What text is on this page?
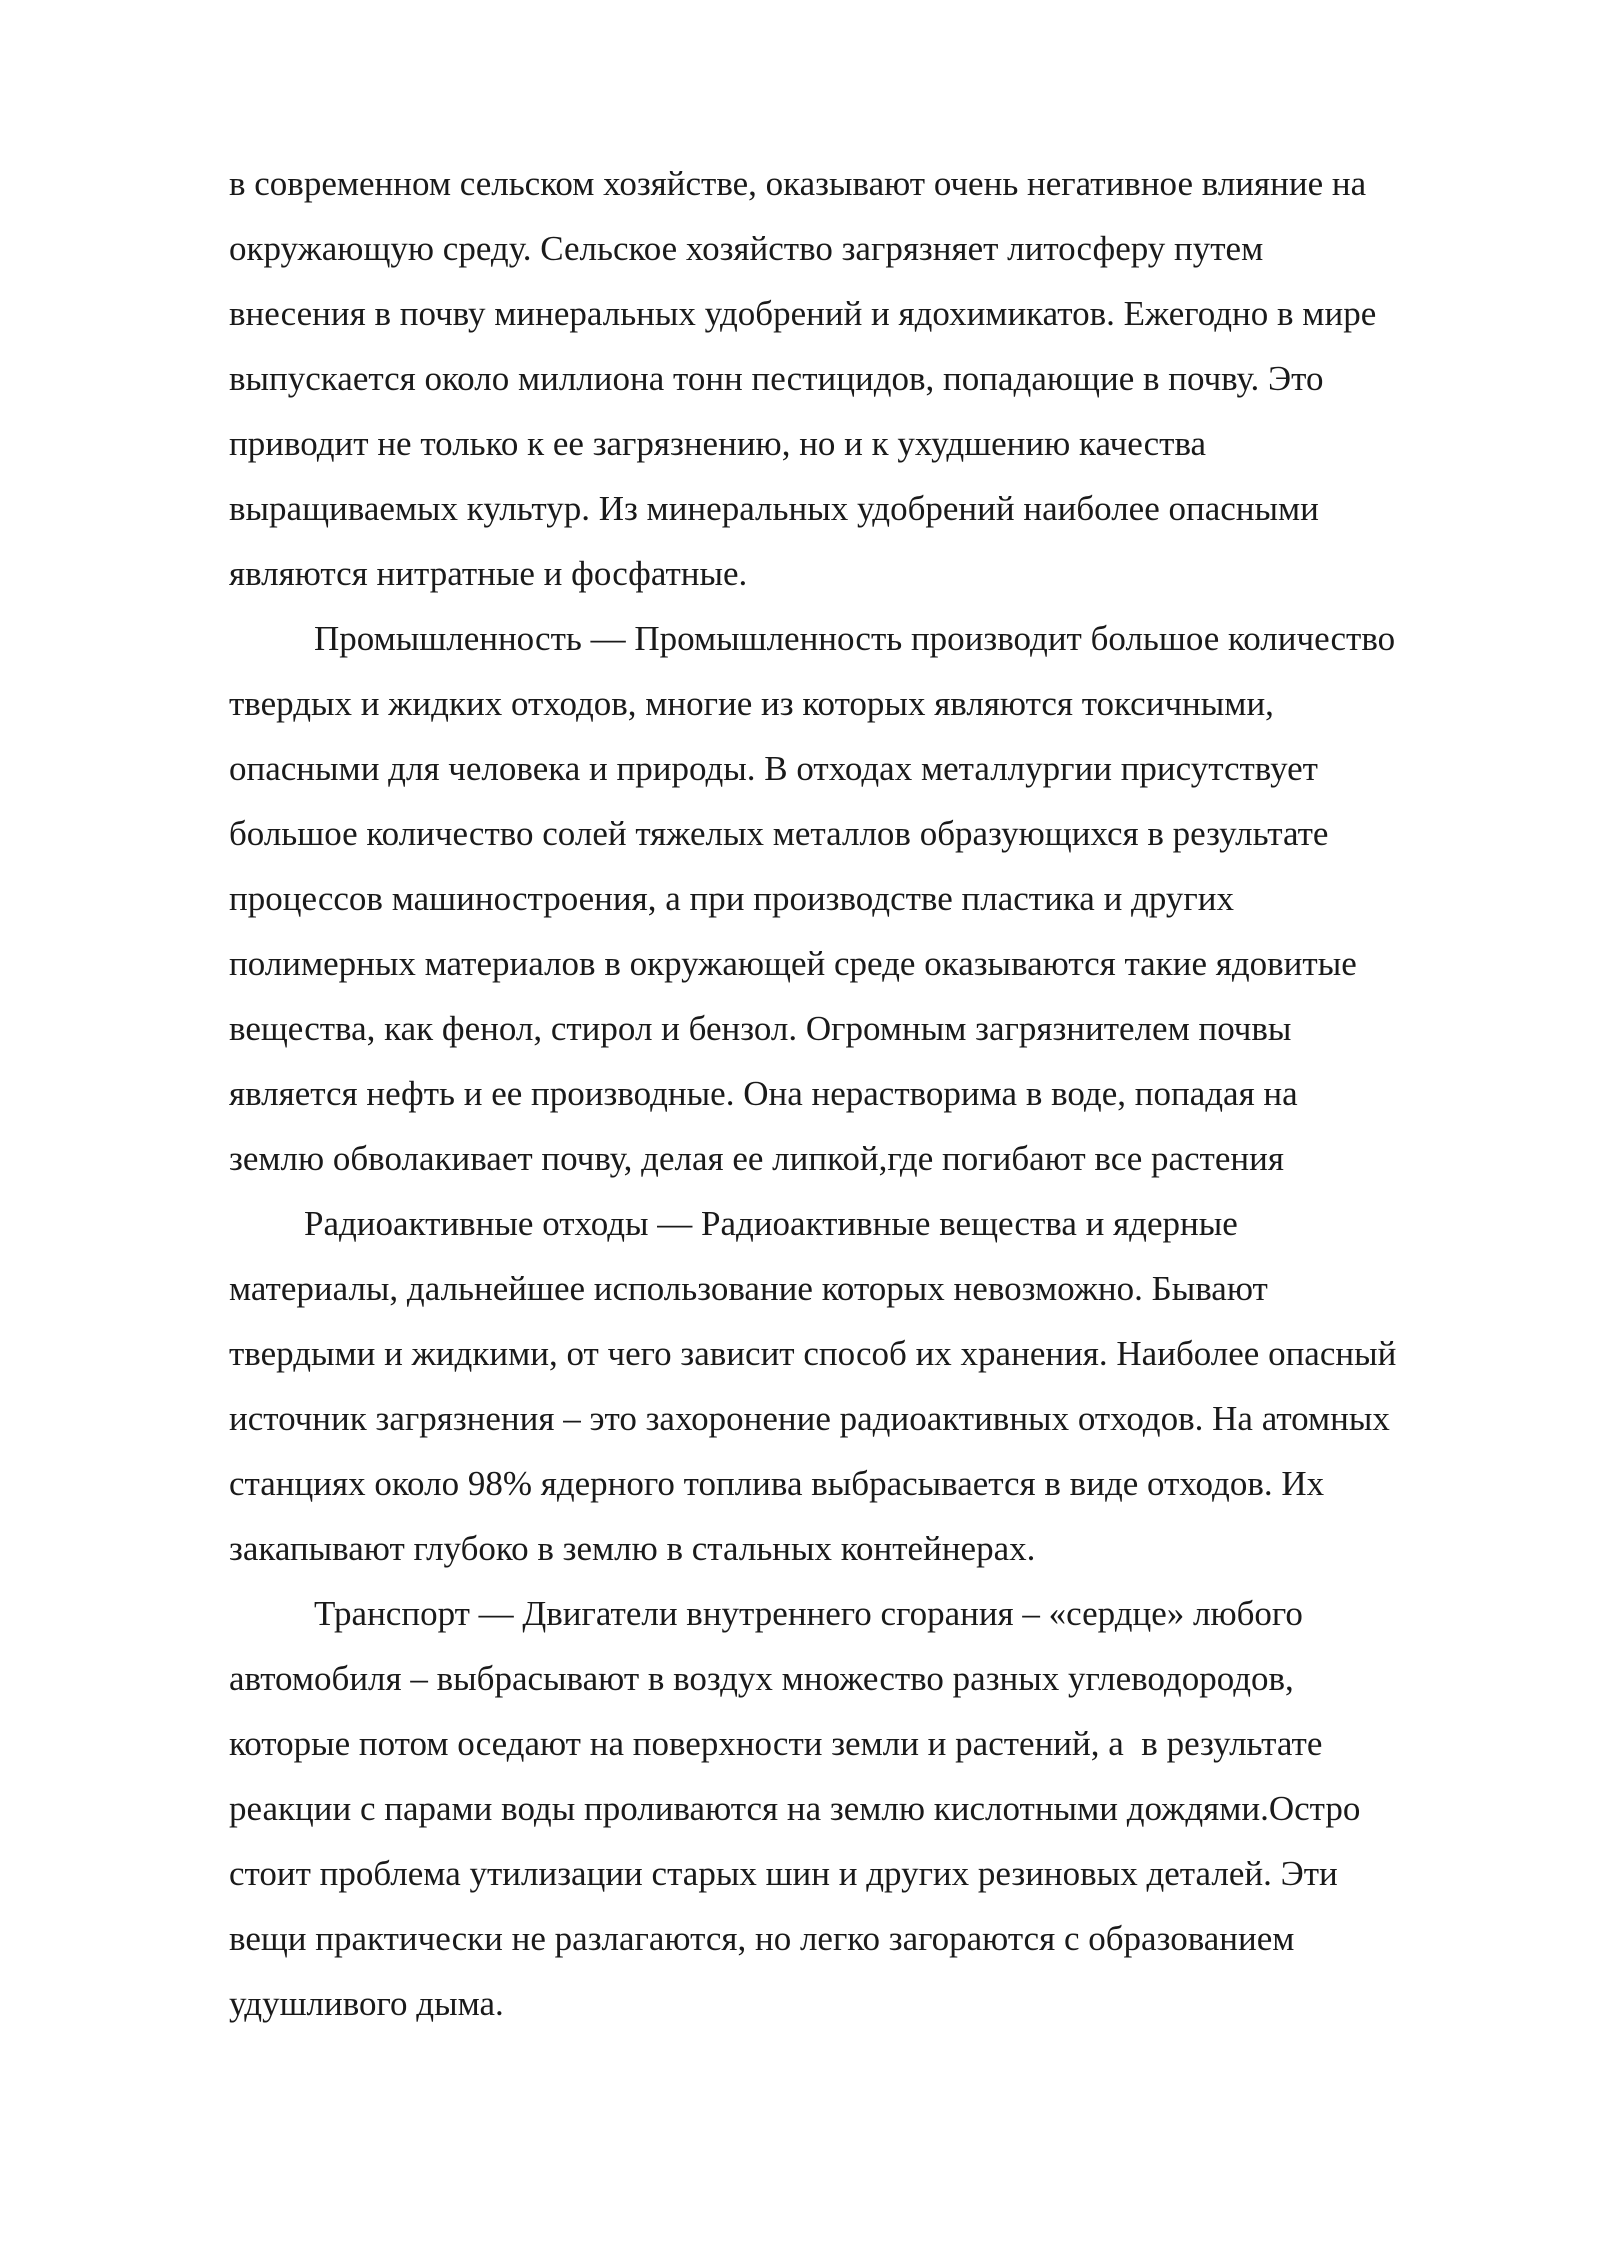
в современном сельском хозяйстве, оказывают очень негативное влияние на
окружающую среду. Сельское хозяйство загрязняет литосферу путем
внесения в почву минеральных удобрений и ядохимикатов. Ежегодно в мире
выпускается около миллиона тонн пестицидов, попадающие в почву. Это
приводит не только к ее загрязнению, но и к ухудшению качества
выращиваемых культур. Из минеральных удобрений наиболее опасными
являются нитратные и фосфатные.
Промышленность — Промышленность производит большое количество
твердых и жидких отходов, многие из которых являются токсичными,
опасными для человека и природы. В отходах металлургии присутствует
большое количество солей тяжелых металлов образующихся в результате
процессов машиностроения, а при производстве пластика и других
полимерных материалов в окружающей среде оказываются такие ядовитые
вещества, как фенол, стирол и бензол. Огромным загрязнителем почвы
является нефть и ее производные. Она нерастворима в воде, попадая на
землю обволакивает почву, делая ее липкой,где погибают все растения
Радиоактивные отходы — Радиоактивные вещества и ядерные
материалы, дальнейшее использование которых невозможно. Бывают
твердыми и жидкими, от чего зависит способ их хранения. Наиболее опасный
источник загрязнения – это захоронение радиоактивных отходов. На атомных
станциях около 98% ядерного топлива выбрасывается в виде отходов. Их
закапывают глубоко в землю в стальных контейнерах.
Транспорт — Двигатели внутреннего сгорания – «сердце» любого
автомобиля – выбрасывают в воздух множество разных углеводородов,
которые потом оседают на поверхности земли и растений, а  в результате
реакции с парами воды проливаются на землю кислотными дождями.Остро
стоит проблема утилизации старых шин и других резиновых деталей. Эти
вещи практически не разлагаются, но легко загораются с образованием
удушливого дыма.
